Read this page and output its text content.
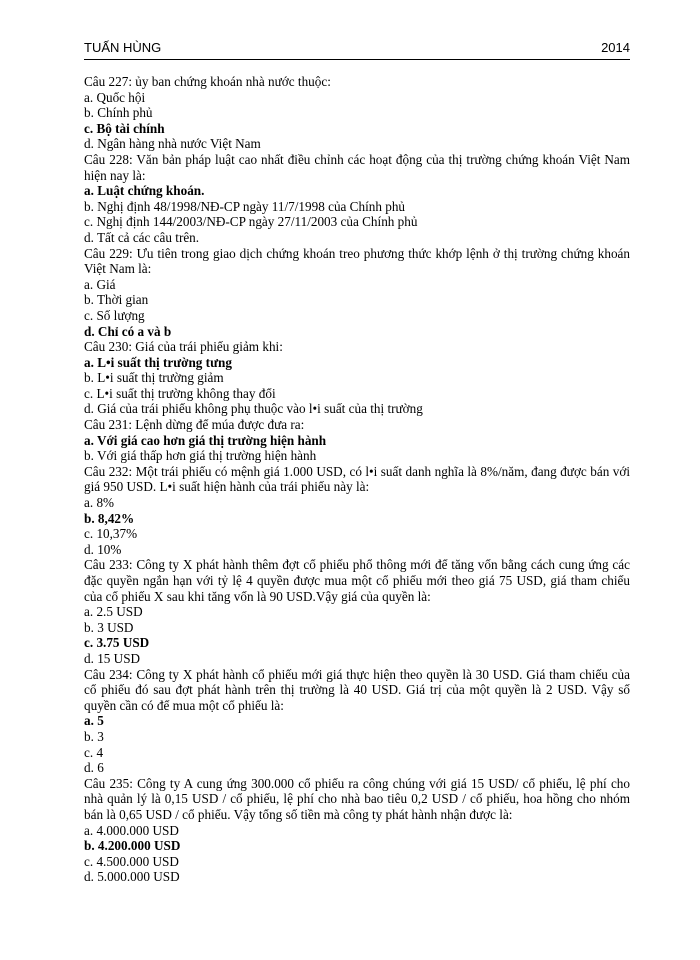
TUẤN HÙNG	2014
Câu 227: ủy ban chứng khoán nhà nước thuộc:
a. Quốc hội
b. Chính phủ
c. Bộ tài chính
d. Ngân hàng nhà nước Việt Nam
Câu 228: Văn bản pháp luật cao nhất điều chỉnh các hoạt động của thị trường chứng khoán Việt Nam hiện nay là:
a. Luật chứng khoán.
b. Nghị định 48/1998/NĐ-CP ngày 11/7/1998 của Chính phủ
c. Nghị định 144/2003/NĐ-CP ngày 27/11/2003 của Chính phủ
d. Tất cả các câu trên.
Câu 229: Ưu tiên trong giao dịch chứng khoán treo phương thức khớp lệnh ở thị trường chứng khoán Việt Nam là:
a. Giá
b. Thời gian
c. Số lượng
d. Chỉ có a và b
Câu 230: Giá của trái phiếu giảm khi:
a. L•i suất thị trường tưng
b. L•i suất thị trường giảm
c. L•i suất thị trường không thay đổi
d. Giá của trái phiếu không phụ thuộc vào l•i suất của thị trường
Câu 231: Lệnh dừng để múa được đưa ra:
a. Với giá cao hơn giá thị trường hiện hành
b. Với giá thấp hơn giá thị trường hiện hành
Câu 232: Một trái phiếu có mệnh giá 1.000 USD, có l•i suất danh nghĩa là 8%/năm, đang được bán với giá 950 USD. L•i suất hiện hành của trái phiếu này là:
a. 8%
b. 8,42%
c. 10,37%
d. 10%
Câu 233: Công ty X phát hành thêm đợt cổ phiếu phổ thông mới để tăng vốn bằng cách cung ứng các đặc quyền ngắn hạn với tỷ lệ 4 quyền được mua một cổ phiếu mới theo giá 75 USD, giá tham chiếu của cổ phiếu X sau khi tăng vốn là 90 USD.Vậy giá của quyền là:
a. 2.5 USD
b. 3 USD
c. 3.75 USD
d. 15 USD
Câu 234: Công ty X phát hành cổ phiếu mới giá thực hiện theo quyền là 30 USD. Giá tham chiếu của cổ phiếu đó sau đợt phát hành trên thị trường là 40 USD. Giá trị của một quyền là 2 USD. Vậy số quyền cần có để mua một cổ phiếu là:
a. 5
b. 3
c. 4
d. 6
Câu 235: Công ty A cung ứng 300.000 cổ phiếu ra công chúng với giá 15 USD/ cổ phiếu, lệ phí cho nhà quản lý là 0,15 USD / cổ phiếu, lệ phí cho nhà bao tiêu 0,2 USD / cổ phiếu, hoa hồng cho nhóm bán là 0,65 USD / cổ phiếu. Vậy tổng số tiền mà công ty phát hành nhận được là:
a. 4.000.000 USD
b. 4.200.000 USD
c. 4.500.000 USD
d. 5.000.000 USD
